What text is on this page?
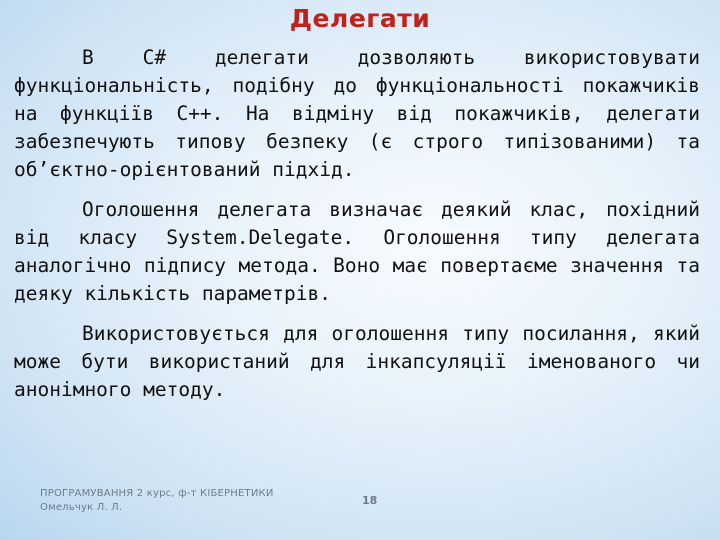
Делегати

В C# делегати дозволяють використовувати функціональність, подібну до функціональності покажчиків на функціїв C++. На відміну від покажчиків, делегати забезпечують типову безпеку (є строго типізованими) та об’єктно-орієнтований підхід.

Оголошення делегата визначає деякий клас, похідний від класу System.Delegate. Оголошення типу делегата аналогічно підпису метода. Воно має повертаєме значення та деяку кількість параметрів.

Використовується для оголошення типу посилання, який може бути використаний для інкапсуляції іменованого чи анонімного методу.

ПРОГРАМУВАННЯ 2 курс, ф-т КІБЕРНЕТИКИ
Омельчук Л. Л.
18
